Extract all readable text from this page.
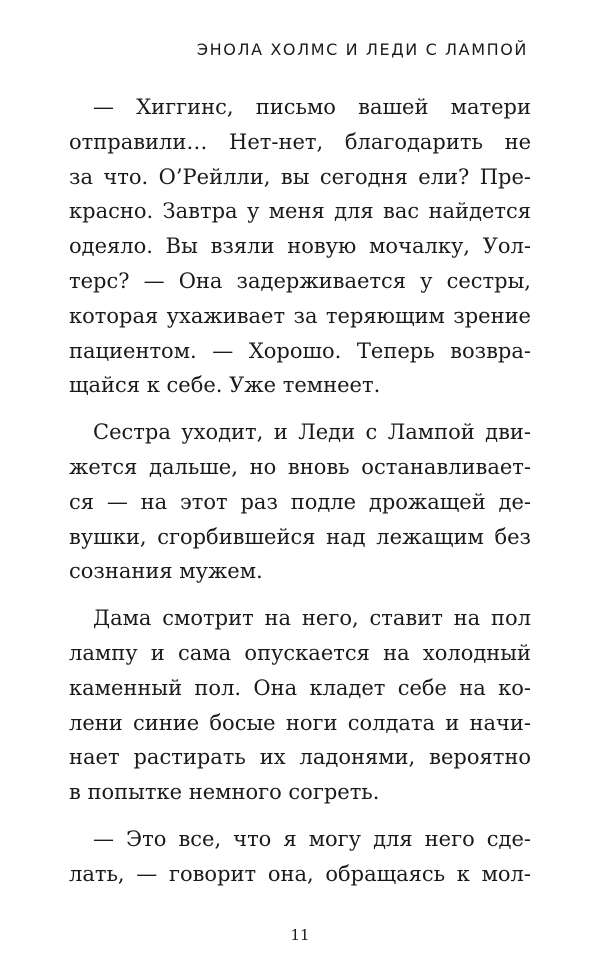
ЭНОЛА ХОЛМС И ЛЕДИ С ЛАМПОЙ
— Хиггинс, письмо вашей матери
отправили… Нет-нет, благодарить не
за что. О’Рейлли, вы сегодня ели? Пре-
красно. Завтра у меня для вас найдется
одеяло. Вы взяли новую мочалку, Уол-
терс? — Она задерживается у сестры,
которая ухаживает за теряющим зрение
пациентом. — Хорошо. Теперь возвра-
щайся к себе. Уже темнеет.
Сестра уходит, и Леди с Лампой дви-
жется дальше, но вновь останавливает-
ся — на этот раз подле дрожащей де-
вушки, сгорбившейся над лежащим без
сознания мужем.
Дама смотрит на него, ставит на пол
лампу и сама опускается на холодный
каменный пол. Она кладет себе на ко-
лени синие босые ноги солдата и начи-
нает растирать их ладонями, вероятно
в попытке немного согреть.
— Это все, что я могу для него сде-
лать, — говорит она, обращаясь к мол-
11
